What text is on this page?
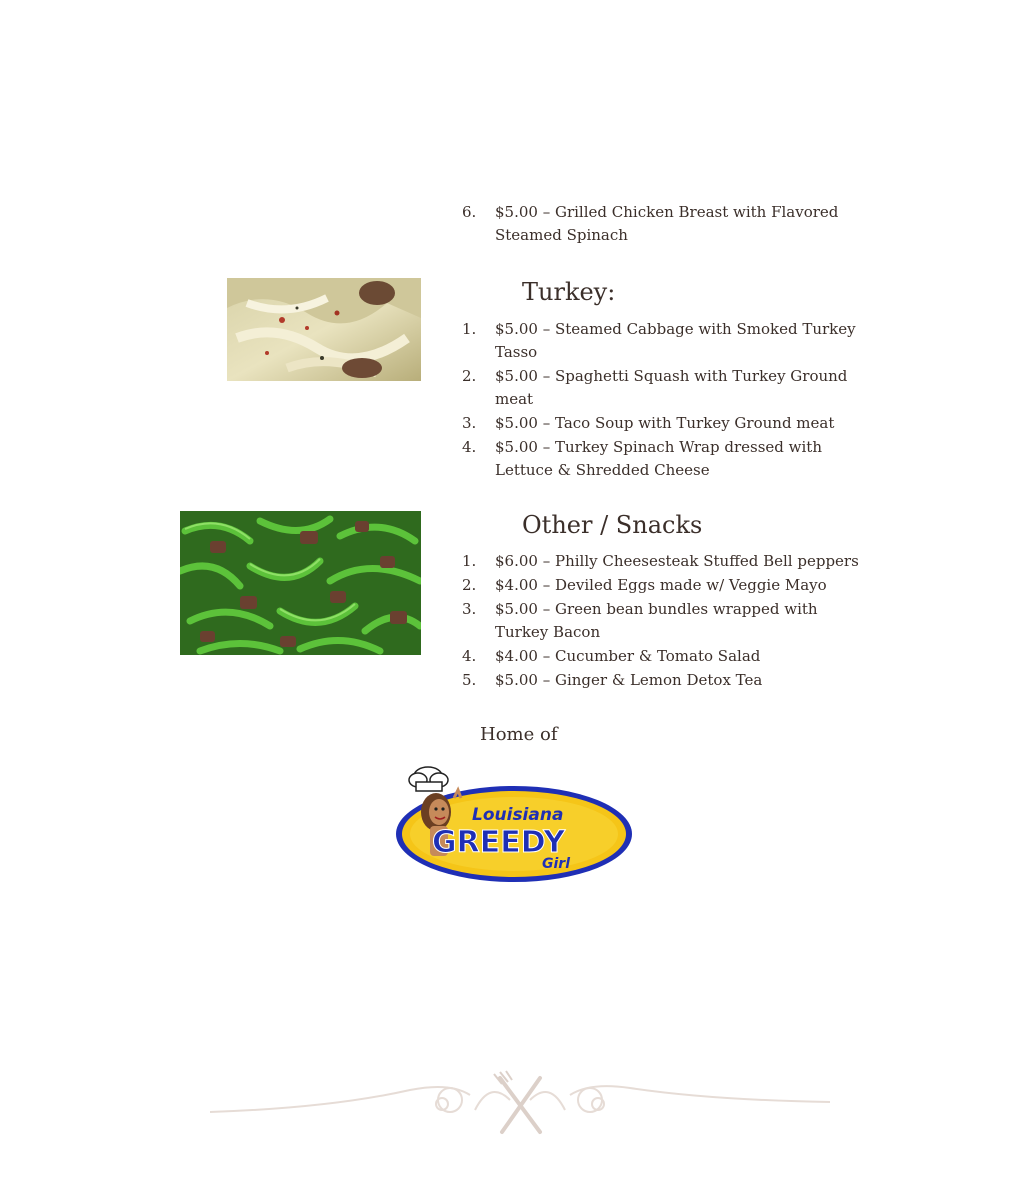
6. $5.00 – Grilled Chicken Breast with Flavored Steamed Spinach
Turkey:
1. $5.00 – Steamed Cabbage with Smoked Turkey Tasso
2. $5.00 – Spaghetti Squash with Turkey Ground meat
3. $5.00 – Taco Soup with Turkey Ground meat
4. $5.00 – Turkey Spinach Wrap dressed with Lettuce & Shredded Cheese
Other / Snacks
1. $6.00 – Philly Cheesesteak Stuffed Bell peppers
2. $4.00 – Deviled Eggs made w/ Veggie Mayo
3. $5.00 – Green bean bundles wrapped with Turkey Bacon
4. $4.00 – Cucumber & Tomato Salad
5. $5.00 – Ginger & Lemon Detox Tea
Home of
Louisiana
GREEDY
Girl
